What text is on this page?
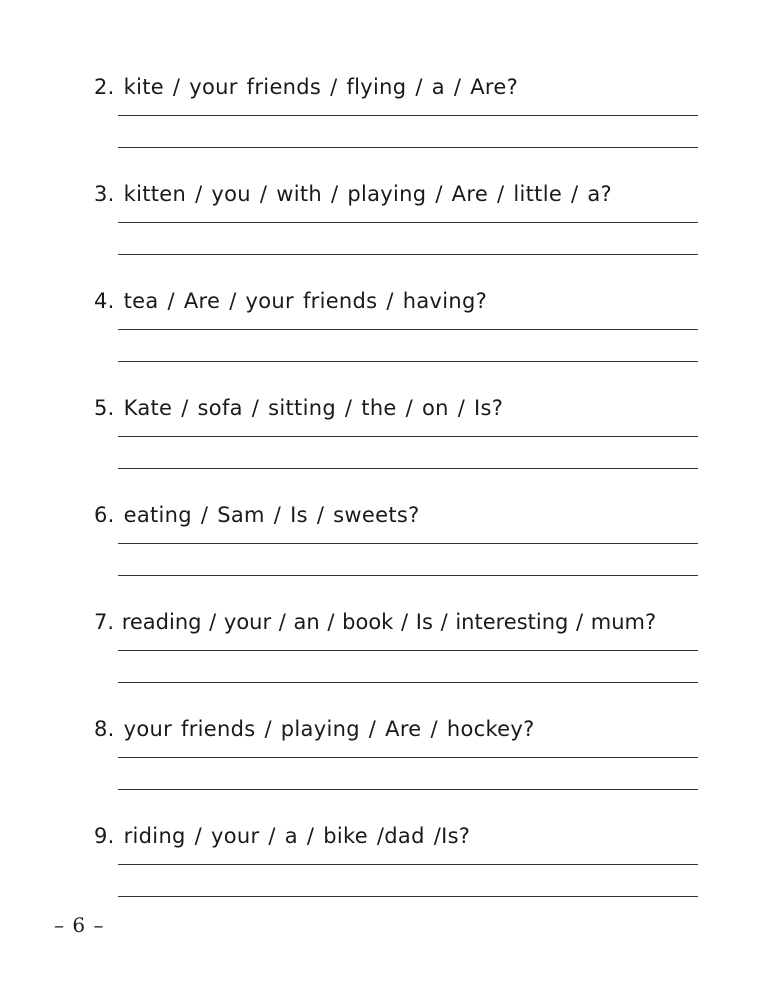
2. kite / your friends / flying / a / Are?
3. kitten / you / with / playing / Are / little / a?
4. tea / Are / your friends / having?
5. Kate / sofa / sitting / the / on / Is?
6. eating / Sam / Is / sweets?
7. reading / your / an / book / Is / interesting / mum?
8. your friends / playing / Are / hockey?
9. riding / your / a / bike /dad /Is?
– 6 –
